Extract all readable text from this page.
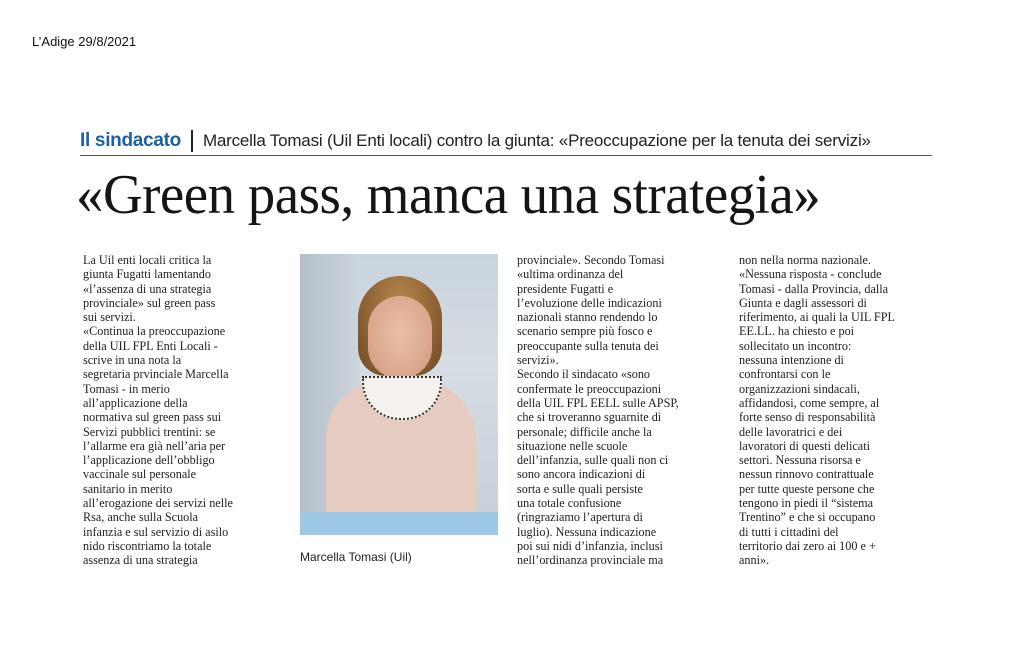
L’Adige 29/8/2021
Il sindacato Marcella Tomasi (Uil Enti locali) contro la giunta: «Preoccupazione per la tenuta dei servizi»
«Green pass, manca una strategia»
La Uil enti locali critica la
giunta Fugatti lamentando
«l’assenza di una strategia
provinciale» sul green pass
sui servizi.
«Continua la preoccupazione
della UIL FPL Enti Locali -
scrive in una nota la
segretaria prvinciale Marcella
Tomasi - in merio
all’applicazione della
normativa sul green pass sui
Servizi pubblici trentini: se
l’allarme era già nell’aria per
l’applicazione dell’obbligo
vaccinale sul personale
sanitario in merito
all’erogazione dei servizi nelle
Rsa, anche sulla Scuola
infanzia e sul servizio di asilo
nido riscontriamo la totale
assenza di una strategia	Marcella Tomasi (Uil)
provinciale». Secondo Tomasi
«ultima ordinanza del
presidente Fugatti e
l’evoluzione delle indicazioni
nazionali stanno rendendo lo
scenario sempre più fosco e
preoccupante sulla tenuta dei
servizi».
Secondo il sindacato «sono
confermate le preoccupazioni
della UIL FPL EELL sulle APSP,
che si troveranno sguarnite di
personale; difficile anche la
situazione nelle scuole
dell’infanzia, sulle quali non ci
sono ancora indicazioni di
sorta e sulle quali persiste
una totale confusione
(ringraziamo l’apertura di
luglio). Nessuna indicazione
poi sui nidi d’infanzia, inclusi
nell’ordinanza provinciale ma
non nella norma nazionale.
«Nessuna risposta - conclude
Tomasi - dalla Provincia, dalla
Giunta e dagli assessori di
riferimento, ai quali la UIL FPL
EE.LL. ha chiesto e poi
sollecitato un incontro:
nessuna intenzione di
confrontarsi con le
organizzazioni sindacali,
affidandosi, come sempre, al
forte senso di responsabilità
delle lavoratrici e dei
lavoratori di questi delicati
settori. Nessuna risorsa e
nessun rinnovo contrattuale
per tutte queste persone che
tengono in piedi il “sistema
Trentino” e che si occupano
di tutti i cittadini del
territorio dai zero ai 100 e +
anni».
